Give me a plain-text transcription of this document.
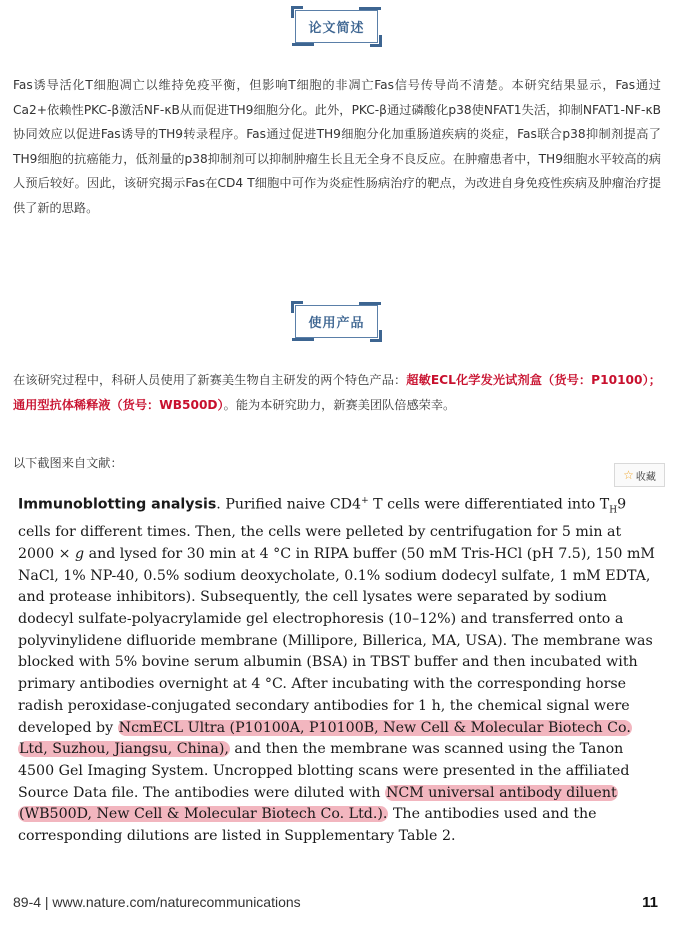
论文简述
Fas诱导活化T细胞凋亡以维持免疫平衡，但影响T细胞的非凋亡Fas信号传导尚不清楚。本研究结果显示，Fas通过Ca2+依赖性PKC-β激活NF-κB从而促进TH9细胞分化。此外，PKC-β通过磷酸化p38使NFAT1失活，抑制NFAT1-NF-κB协同效应以促进Fas诱导的TH9转录程序。Fas通过促进TH9细胞分化加重肠道疾病的炎症，Fas联合p38抑制剂提高了TH9细胞的抗癌能力，低剂量的p38抑制剂可以抑制肿瘤生长且无全身不良反应。在肿瘤患者中，TH9细胞水平较高的病人预后较好。因此，该研究揭示Fas在CD4 T细胞中可作为炎症性肠病治疗的靶点，为改进自身免疫性疾病及肿瘤治疗提供了新的思路。
使用产品
在该研究过程中，科研人员使用了新赛美生物自主研发的两个特色产品：超敏ECL化学发光试剂盒（货号：P10100）；通用型抗体稀释液（货号：WB500D）。能为本研究助力，新赛美团队倍感荣幸。
以下截图来自文献：
☆ 收藏
Immunoblotting analysis. Purified naive CD4+ T cells were differentiated into $T_H9$ cells for different times. Then, the cells were pelleted by centrifugation for 5 min at 2000 × g and lysed for 30 min at 4 °C in RIPA buffer (50 mM Tris-HCl (pH 7.5), 150 mM NaCl, 1% NP-40, 0.5% sodium deoxycholate, 0.1% sodium dodecyl sulfate, 1 mM EDTA, and protease inhibitors). Subsequently, the cell lysates were separated by sodium dodecyl sulfate-polyacrylamide gel electrophoresis (10–12%) and transferred onto a polyvinylidene difluoride membrane (Millipore, Billerica, MA, USA). The membrane was blocked with 5% bovine serum albumin (BSA) in TBST buffer and then incubated with primary antibodies overnight at 4 °C. After incubating with the corresponding horse radish peroxidase-conjugated secondary antibodies for 1 h, the chemical signal were developed by NcmECL Ultra (P10100A, P10100B, New Cell & Molecular Biotech Co. Ltd, Suzhou, Jiangsu, China), and then the membrane was scanned using the Tanon 4500 Gel Imaging System. Uncropped blotting scans were presented in the affiliated Source Data file. The antibodies were diluted with NCM universal antibody diluent (WB500D, New Cell & Molecular Biotech Co. Ltd.). The antibodies used and the corresponding dilutions are listed in Supplementary Table 2.
89-4 | www.nature.com/naturecommunications	11
